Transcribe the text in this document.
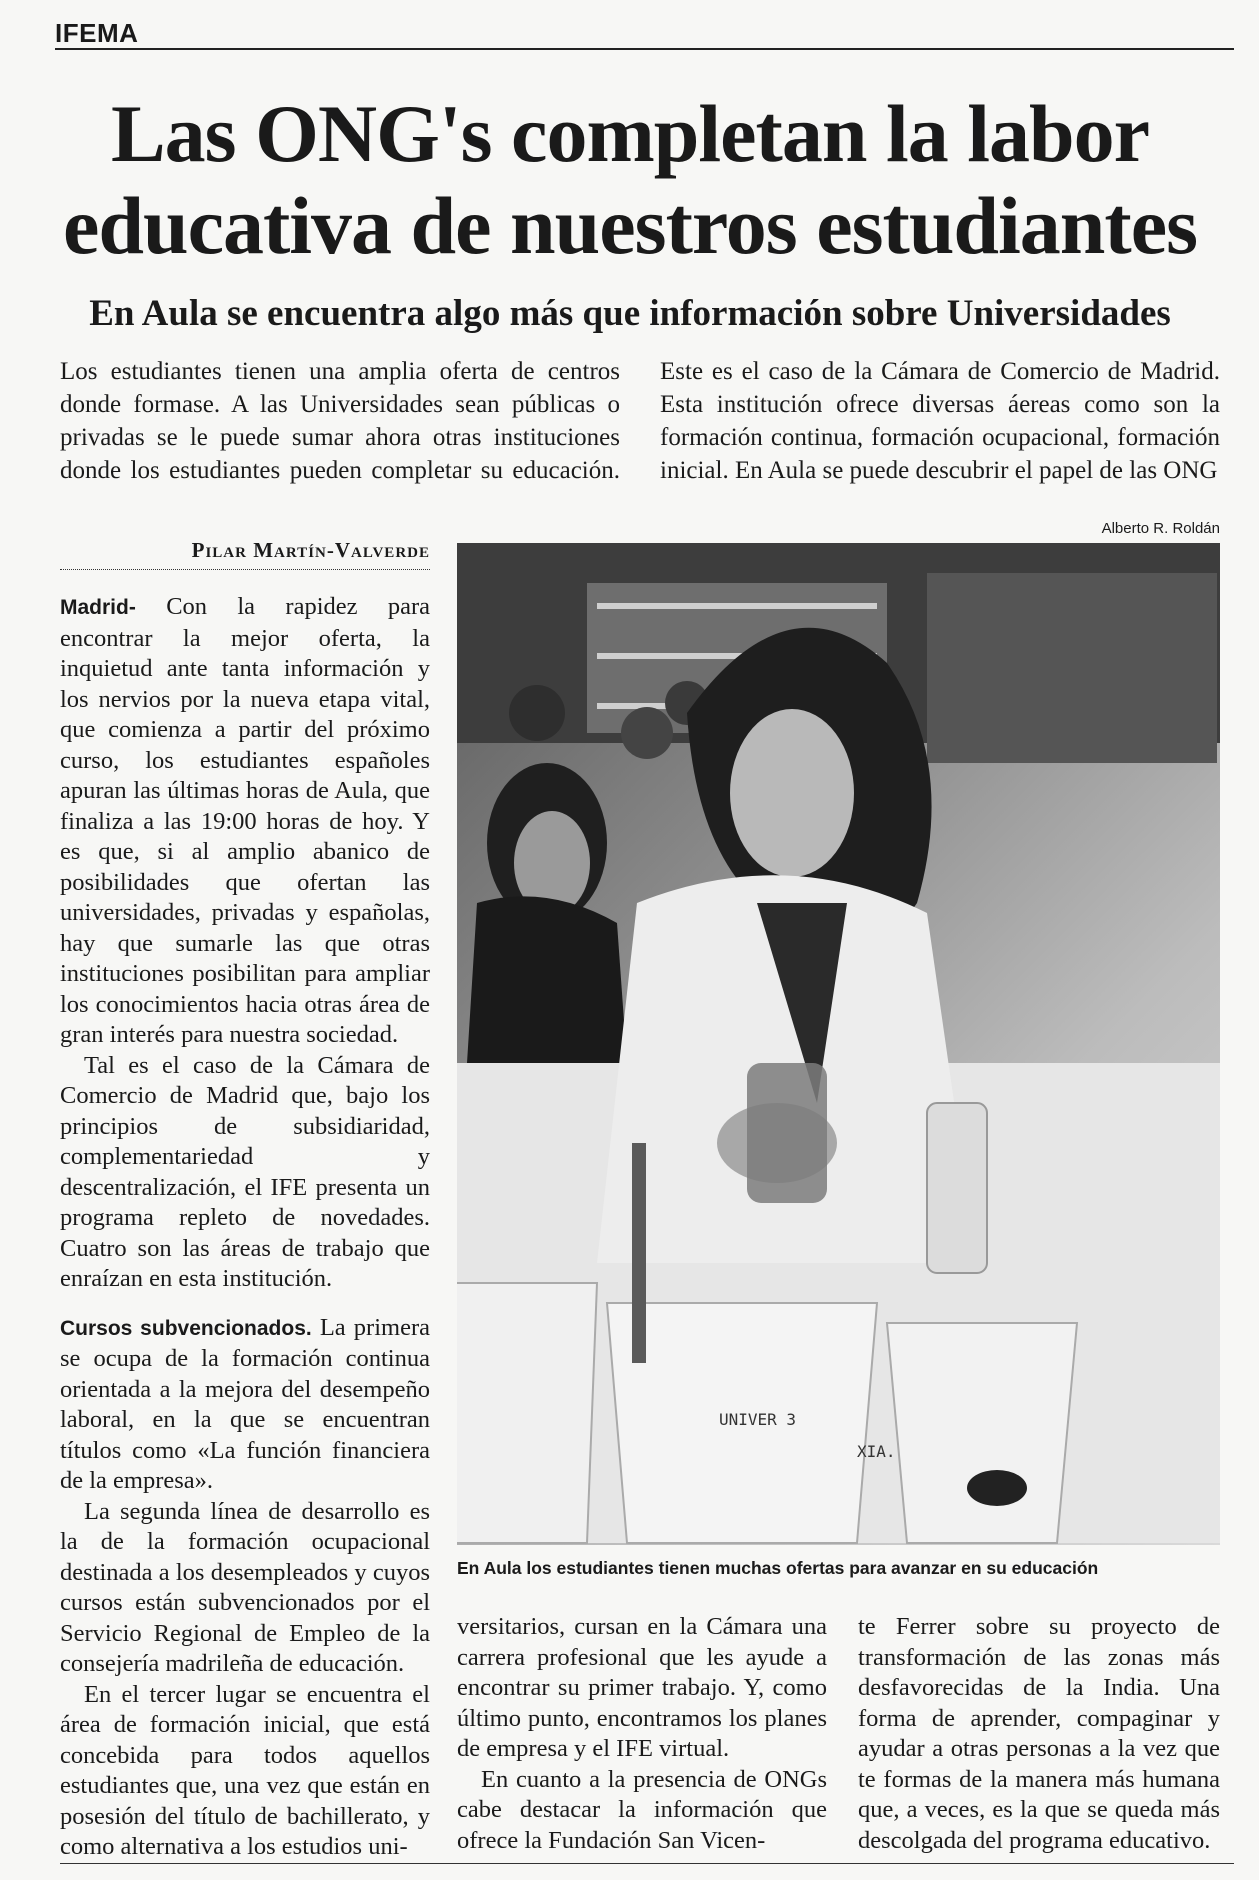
IFEMA
Las ONG's completan la labor educativa de nuestros estudiantes
En Aula se encuentra algo más que información sobre Universidades

Los estudiantes tienen una amplia oferta de centros donde formase. A las Universidades sean públicas o privadas se le puede sumar ahora otras instituciones donde los estudiantes pueden completar su educación. Este es el caso de la Cámara de Comercio de Madrid. Esta institución ofrece diversas áereas como son la formación continua, formación ocupacional, formación inicial. En Aula se puede descubrir el papel de las ONG

Pilar Martín-Valverde
Alberto R. Roldán

Madrid- Con la rapidez para encontrar la mejor oferta, la inquietud ante tanta información y los nervios por la nueva etapa vital, que comienza a partir del próximo curso, los estudiantes españoles apuran las últimas horas de Aula, que finaliza a las 19:00 horas de hoy. Y es que, si al amplio abanico de posibilidades que ofertan las universidades, privadas y españolas, hay que sumarle las que otras instituciones posibilitan para ampliar los conocimientos hacia otras área de gran interés para nuestra sociedad.

Tal es el caso de la Cámara de Comercio de Madrid que, bajo los principios de subsidiaridad, complementariedad y descentralización, el IFE presenta un programa repleto de novedades. Cuatro son las áreas de trabajo que enraízan en esta institución.

Cursos subvencionados. La primera se ocupa de la formación continua orientada a la mejora del desempeño laboral, en la que se encuentran títulos como «La función financiera de la empresa».

La segunda línea de desarrollo es la de la formación ocupacional destinada a los desempleados y cuyos cursos están subvencionados por el Servicio Regional de Empleo de la consejería madrileña de educación.

En el tercer lugar se encuentra el área de formación inicial, que está concebida para todos aquellos estudiantes que, una vez que están en posesión del título de bachillerato, y como alternativa a los estudios uni-

UNIVER 3
XIA.
En Aula los estudiantes tienen muchas ofertas para avanzar en su educación

versitarios, cursan en la Cámara una carrera profesional que les ayude a encontrar su primer trabajo. Y, como último punto, encontramos los planes de empresa y el IFE virtual.

En cuanto a la presencia de ONGs cabe destacar la información que ofrece la Fundación San Vicen-

te Ferrer sobre su proyecto de transformación de las zonas más desfavorecidas de la India. Una forma de aprender, compaginar y ayudar a otras personas a la vez que te formas de la manera más humana que, a veces, es la que se queda más descolgada del programa educativo.
